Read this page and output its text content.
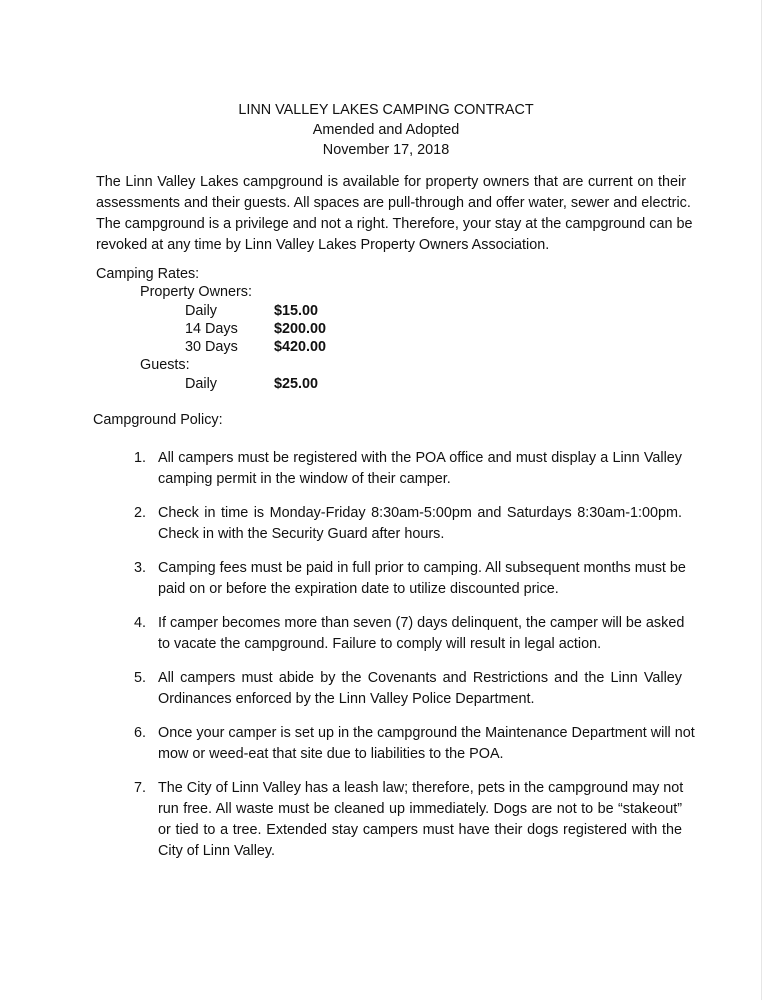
LINN VALLEY LAKES CAMPING CONTRACT
Amended and Adopted
November 17, 2018
The Linn Valley Lakes campground is available for property owners that are current on their
assessments and their guests. All spaces are pull-through and offer water, sewer and electric.
The campground is a privilege and not a right. Therefore, your stay at the campground can be
revoked at any time by Linn Valley Lakes Property Owners Association.
Camping Rates:
Property Owners:
Daily	$15.00
14 Days	$200.00
30 Days	$420.00
Guests:
Daily	$25.00
Campground Policy:
1. All campers must be registered with the POA office and must display a Linn Valley
camping permit in the window of their camper.
2. Check in time is Monday-Friday 8:30am-5:00pm and Saturdays 8:30am-1:00pm.
Check in with the Security Guard after hours.
3. Camping fees must be paid in full prior to camping. All subsequent months must be
paid on or before the expiration date to utilize discounted price.
4. If camper becomes more than seven (7) days delinquent, the camper will be asked
to vacate the campground. Failure to comply will result in legal action.
5. All campers must abide by the Covenants and Restrictions and the Linn Valley
Ordinances enforced by the Linn Valley Police Department.
6. Once your camper is set up in the campground the Maintenance Department will not
mow or weed-eat that site due to liabilities to the POA.
7. The City of Linn Valley has a leash law; therefore, pets in the campground may not
run free. All waste must be cleaned up immediately. Dogs are not to be “stakeout”
or tied to a tree. Extended stay campers must have their dogs registered with the
City of Linn Valley.
